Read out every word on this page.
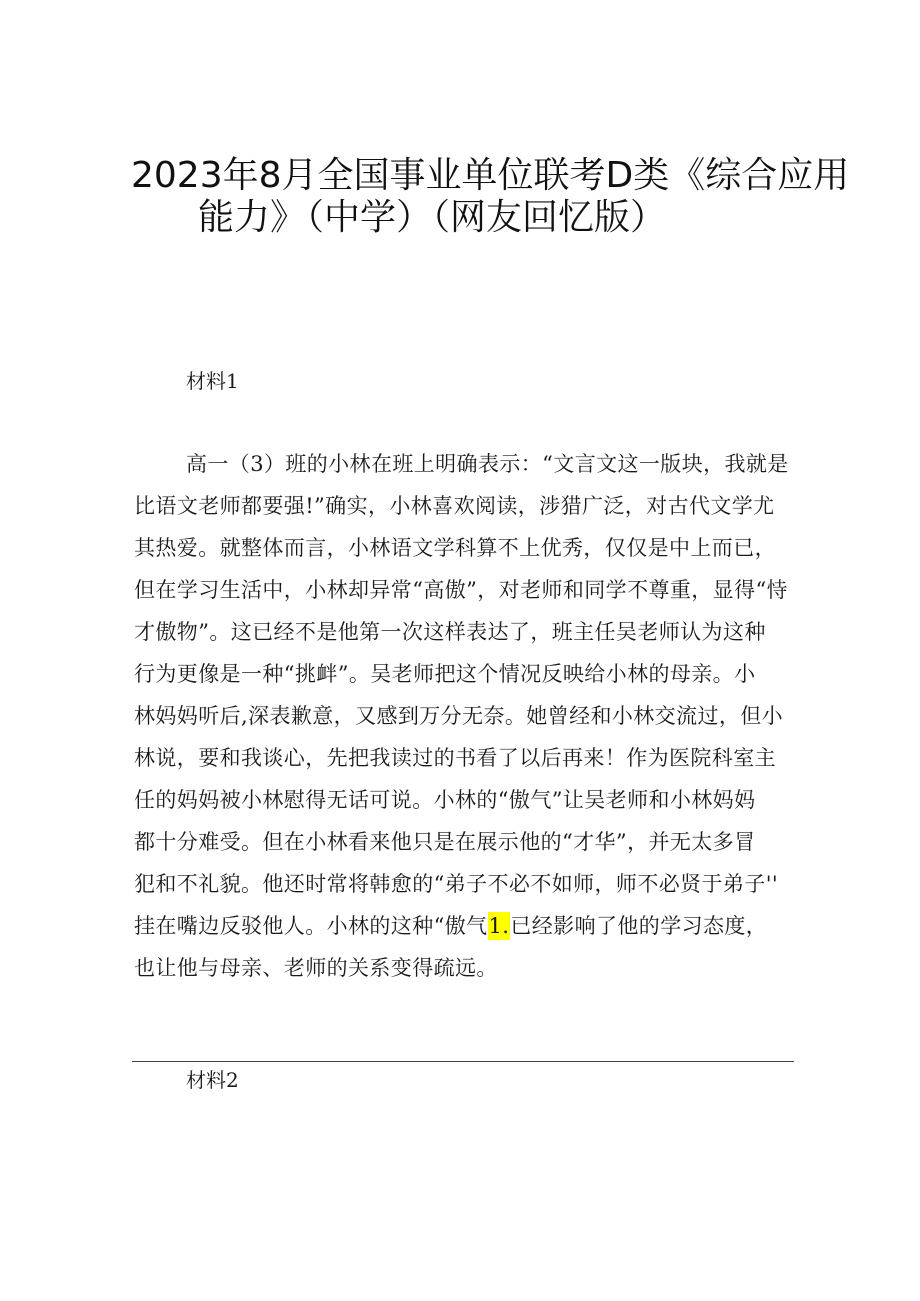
2023年8月全国事业单位联考D类《综合应用
能力》（中学）（网友回忆版）
材料1
高一（3）班的小林在班上明确表示：“文言文这一版块，我就是
比语文老师都要强!”确实，小林喜欢阅读，涉猎广泛，对古代文学尤
其热爱。就整体而言，小林语文学科算不上优秀，仅仅是中上而已，
但在学习生活中，小林却异常“高傲”，对老师和同学不尊重，显得“恃
才傲物”。这已经不是他第一次这样表达了，班主任吴老师认为这种
行为更像是一种“挑衅”。吴老师把这个情况反映给小林的母亲。小
林妈妈听后,深表歉意，又感到万分无奈。她曾经和小林交流过，但小
林说，要和我谈心，先把我读过的书看了以后再来！作为医院科室主
任的妈妈被小林慰得无话可说。小林的“傲气”让吴老师和小林妈妈
都十分难受。但在小林看来他只是在展示他的“才华”，并无太多冒
犯和不礼貌。他还时常将韩愈的“弟子不必不如师，师不必贤于弟子''
挂在嘴边反驳他人。小林的这种“傲气1.已经影响了他的学习态度，
也让他与母亲、老师的关系变得疏远。
材料2
